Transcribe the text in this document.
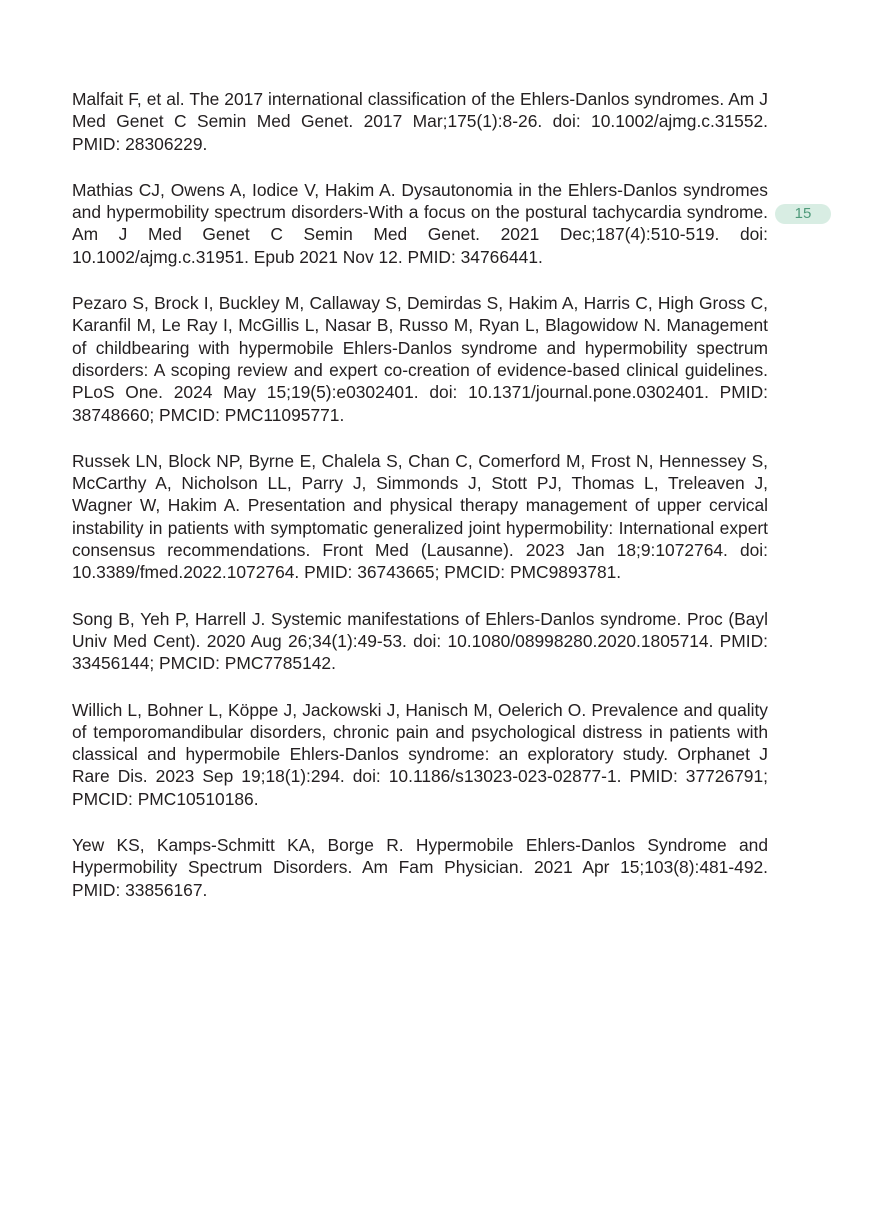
Malfait F, et al. The 2017 international classification of the Ehlers-Danlos syndromes. Am J Med Genet C Semin Med Genet. 2017 Mar;175(1):8-26. doi: 10.1002/ajmg.c.31552. PMID: 28306229.

Mathias CJ, Owens A, Iodice V, Hakim A. Dysautonomia in the Ehlers-Danlos syndromes and hypermobility spectrum disorders-With a focus on the postural tachycardia syndrome. Am J Med Genet C Semin Med Genet. 2021 Dec;187(4):510-519. doi: 10.1002/ajmg.c.31951. Epub 2021 Nov 12. PMID: 34766441.

Pezaro S, Brock I, Buckley M, Callaway S, Demirdas S, Hakim A, Harris C, High Gross C, Karanfil M, Le Ray I, McGillis L, Nasar B, Russo M, Ryan L, Blagowidow N. Management of childbearing with hypermobile Ehlers-Danlos syndrome and hypermobility spectrum disorders: A scoping review and expert co-creation of evidence-based clinical guidelines. PLoS One. 2024 May 15;19(5):e0302401. doi: 10.1371/journal.pone.0302401. PMID: 38748660; PMCID: PMC11095771.

Russek LN, Block NP, Byrne E, Chalela S, Chan C, Comerford M, Frost N, Hennessey S, McCarthy A, Nicholson LL, Parry J, Simmonds J, Stott PJ, Thomas L, Treleaven J, Wagner W, Hakim A. Presentation and physical therapy management of upper cervical instability in patients with symptomatic generalized joint hypermobility: International expert consensus recommendations. Front Med (Lausanne). 2023 Jan 18;9:1072764. doi: 10.3389/fmed.2022.1072764. PMID: 36743665; PMCID: PMC9893781.

Song B, Yeh P, Harrell J. Systemic manifestations of Ehlers-Danlos syndrome. Proc (Bayl Univ Med Cent). 2020 Aug 26;34(1):49-53. doi: 10.1080/08998280.2020.1805714. PMID: 33456144; PMCID: PMC7785142.

Willich L, Bohner L, Köppe J, Jackowski J, Hanisch M, Oelerich O. Prevalence and quality of temporomandibular disorders, chronic pain and psychological distress in patients with classical and hypermobile Ehlers-Danlos syndrome: an exploratory study. Orphanet J Rare Dis. 2023 Sep 19;18(1):294. doi: 10.1186/​s13023-023-02877-1. PMID: 37726791; PMCID: PMC10510186.

Yew KS, Kamps-Schmitt KA, Borge R. Hypermobile Ehlers-Danlos Syndrome and Hypermobility Spectrum Disorders. Am Fam Physician. 2021 Apr 15;103(8):481-492. PMID: 33856167.

15
